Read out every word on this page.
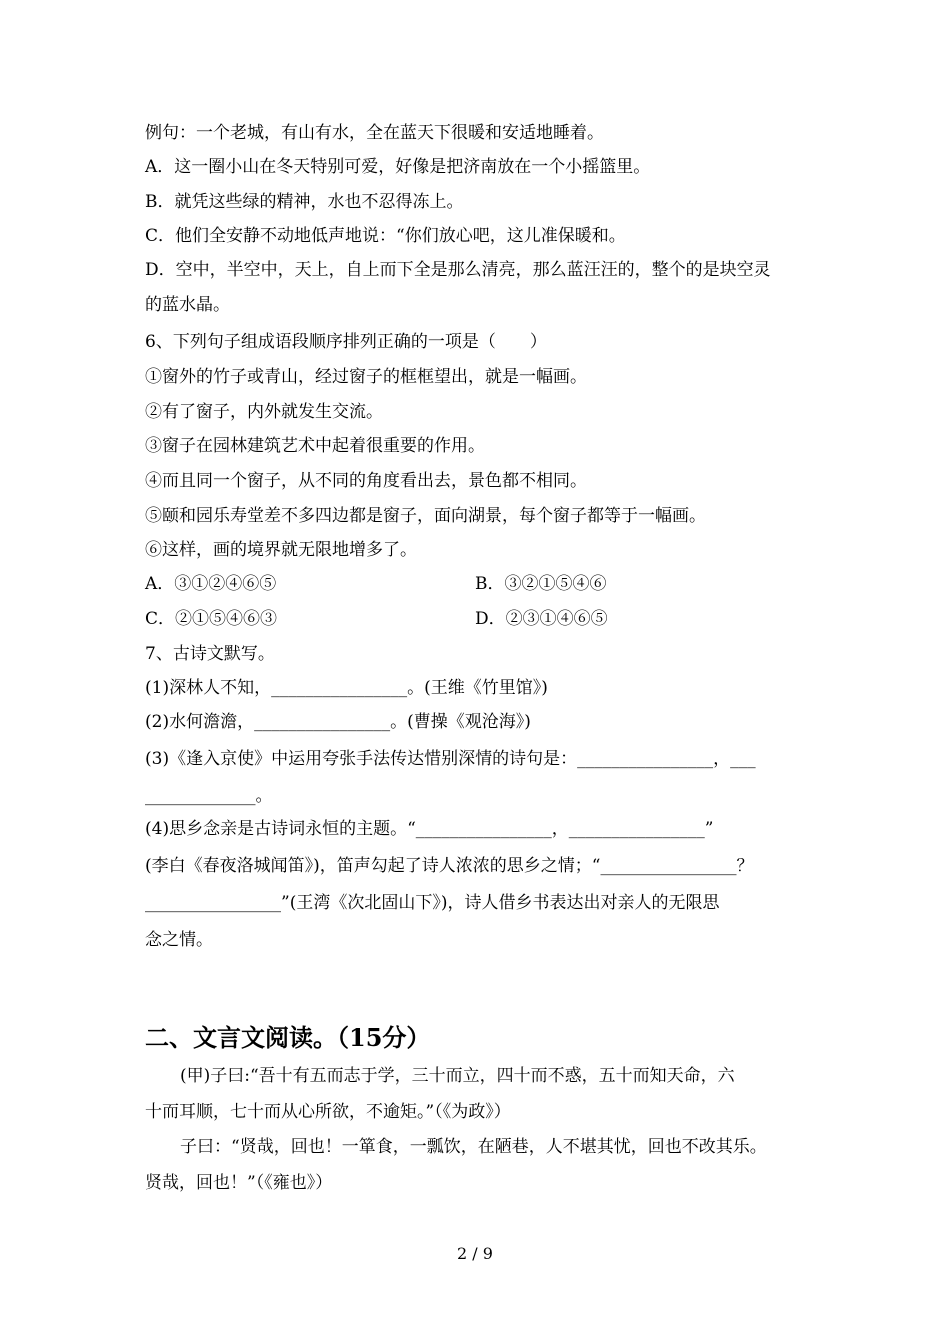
例句：一个老城，有山有水，全在蓝天下很暖和安适地睡着。
A．这一圈小山在冬天特别可爱，好像是把济南放在一个小摇篮里。
B．就凭这些绿的精神，水也不忍得冻上。
C．他们全安静不动地低声地说：“你们放心吧，这儿准保暖和。
D．空中，半空中，天上，自上而下全是那么清亮，那么蓝汪汪的，整个的是块空灵
的蓝水晶。
6、下列句子组成语段顺序排列正确的一项是（　　）
①窗外的竹子或青山，经过窗子的框框望出，就是一幅画。
②有了窗子，内外就发生交流。
③窗子在园林建筑艺术中起着很重要的作用。
④而且同一个窗子，从不同的角度看出去，景色都不相同。
⑤颐和园乐寿堂差不多四边都是窗子，面向湖景，每个窗子都等于一幅画。
⑥这样，画的境界就无限地增多了。
A．③①②④⑥⑤	B．③②①⑤④⑥
C．②①⑤④⑥③	D．②③①④⑥⑤
7、古诗文默写。
(1)深林人不知，________________。(王维《竹里馆》)
(2)水何澹澹，________________。(曹操《观沧海》)
(3)《逢入京使》中运用夸张手法传达惜别深情的诗句是：________________，___
_____________。
(4)思乡念亲是古诗词永恒的主题。“________________，________________”
(李白《春夜洛城闻笛》)，笛声勾起了诗人浓浓的思乡之情；“________________？
________________”(王湾《次北固山下》)，诗人借乡书表达出对亲人的无限思
念之情。
二、文言文阅读。（15分）
(甲)子曰:“吾十有五而志于学，三十而立，四十而不惑，五十而知天命，六
十而耳顺，七十而从心所欲，不逾矩。”（《为政》）
子曰：“贤哉，回也！一箪食，一瓢饮，在陋巷，人不堪其忧，回也不改其乐。
贤哉，回也！”（《雍也》）
2 / 9
